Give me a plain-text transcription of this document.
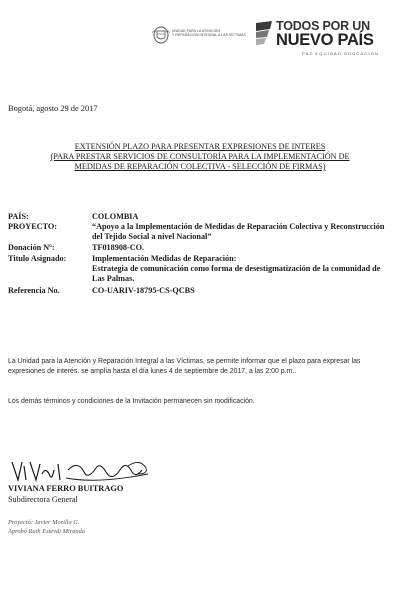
UNIDAD PARA LA ATENCIÓN
Y REPARACIÓN INTEGRAL A LAS VÍCTIMAS
TODOS POR UN
NUEVO PAÍS
PAZ EQUIDAD EDUCACIÓN
Bogotá, agosto 29 de 2017
EXTENSIÓN PLAZO PARA PRESENTAR EXPRESIONES DE INTERES
(PARA PRESTAR SERVICIOS DE CONSULTORÍA PARA LA IMPLEMENTACIÓN DE
MEDIDAS DE REPARACIÓN COLECTIVA - SELECCIÓN DE FIRMAS)
PAÍS:	COLOMBIA
PROYECTO:	“Apoyo a la Implementación de Medidas de Reparación Colectiva y Reconstrucción del Tejido Social a nivel Nacional”
Donación Nº:	TF018908-CO.
Titulo Asignado:	Implementación Medidas de Reparación:
Estrategia de comunicación como forma de desestigmatización de la comunidad de Las Palmas.
Referencia No.	CO-UARIV-18795-CS-QCBS
La Unidad para la Atención y Reparación Integral a las Víctimas, se permite informar que el plazo para expresar las expresiones de interés. se amplía hasta el día lunes 4 de septiembre de 2017, a las 2:00 p.m..
Los demás términos y condiciones de la Invitación permanecen sin modificación.
VIVIANA FERRO BUITRAGO
Subdirectora General
Proyectó: Javier Morillo G.
Aprobó Ruth Estevdi Miranda
